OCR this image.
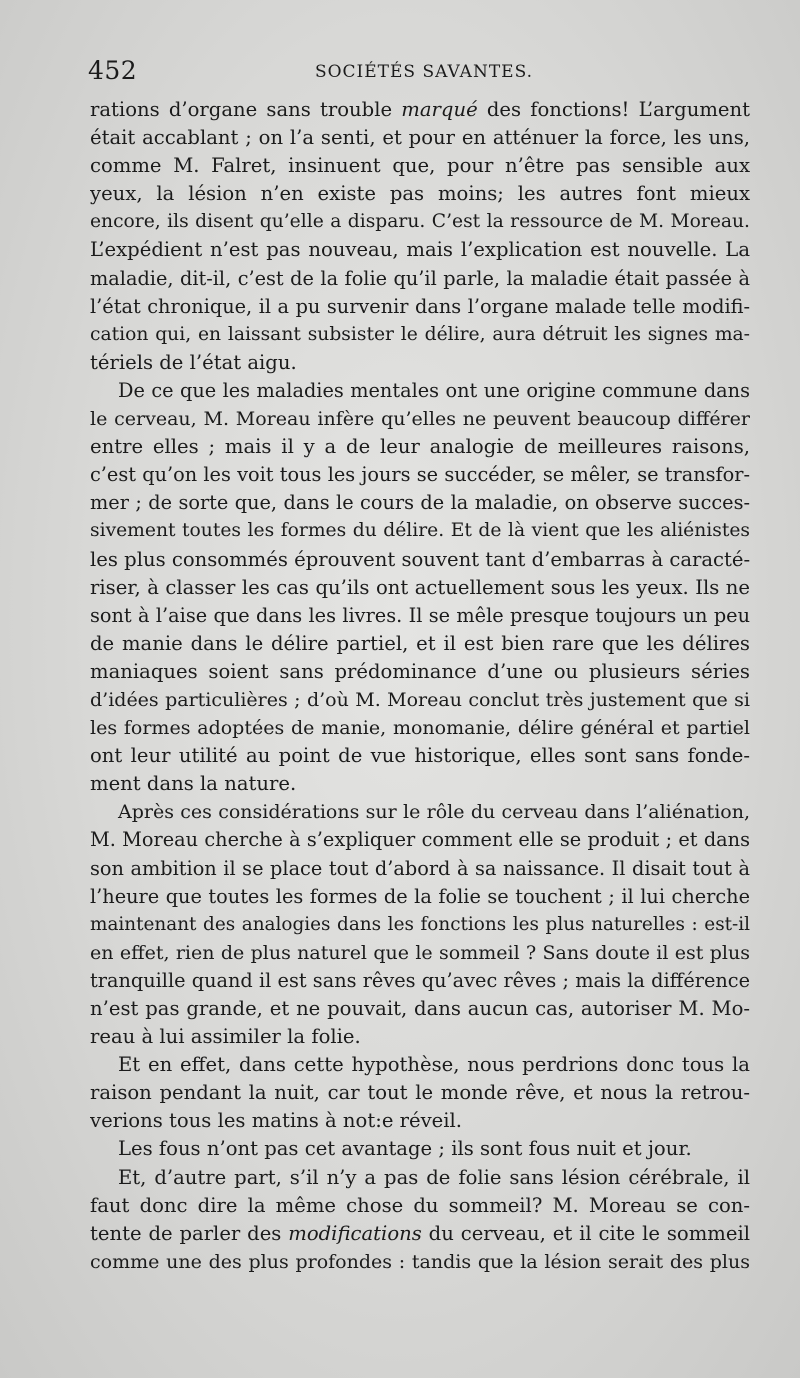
452	SOCIÉTÉS SAVANTES.
rations d’organe sans trouble marqué des fonctions! L’argument
était accablant ; on l’a senti, et pour en atténuer la force, les uns,
comme M. Falret, insinuent que, pour n’être pas sensible aux
yeux, la lésion n’en existe pas moins; les autres font mieux
encore, ils disent qu’elle a disparu. C’est la ressource de M. Moreau.
L’expédient n’est pas nouveau, mais l’explication est nouvelle. La
maladie, dit-il, c’est de la folie qu’il parle, la maladie était passée à
l’état chronique, il a pu survenir dans l’organe malade telle modifi-
cation qui, en laissant subsister le délire, aura détruit les signes ma-
tériels de l’état aigu.
De ce que les maladies mentales ont une origine commune dans
le cerveau, M. Moreau infère qu’elles ne peuvent beaucoup différer
entre elles ; mais il y a de leur analogie de meilleures raisons,
c’est qu’on les voit tous les jours se succéder, se mêler, se transfor-
mer ; de sorte que, dans le cours de la maladie, on observe succes-
sivement toutes les formes du délire. Et de là vient que les aliénistes
les plus consommés éprouvent souvent tant d’embarras à caracté-
riser, à classer les cas qu’ils ont actuellement sous les yeux. Ils ne
sont à l’aise que dans les livres. Il se mêle presque toujours un peu
de manie dans le délire partiel, et il est bien rare que les délires
maniaques soient sans prédominance d’une ou plusieurs séries
d’idées particulières ; d’où M. Moreau conclut très justement que si
les formes adoptées de manie, monomanie, délire général et partiel
ont leur utilité au point de vue historique, elles sont sans fonde-
ment dans la nature.
Après ces considérations sur le rôle du cerveau dans l’aliénation,
M. Moreau cherche à s’expliquer comment elle se produit ; et dans
son ambition il se place tout d’abord à sa naissance. Il disait tout à
l’heure que toutes les formes de la folie se touchent ; il lui cherche
maintenant des analogies dans les fonctions les plus naturelles : est-il
en effet, rien de plus naturel que le sommeil ? Sans doute il est plus
tranquille quand il est sans rêves qu’avec rêves ; mais la différence
n’est pas grande, et ne pouvait, dans aucun cas, autoriser M. Mo-
reau à lui assimiler la folie.
Et en effet, dans cette hypothèse, nous perdrions donc tous la
raison pendant la nuit, car tout le monde rêve, et nous la retrou-
verions tous les matins à not:e réveil.
Les fous n’ont pas cet avantage ; ils sont fous nuit et jour.
Et, d’autre part, s’il n’y a pas de folie sans lésion cérébrale, il
faut donc dire la même chose du sommeil? M. Moreau se con-
tente de parler des modifications du cerveau, et il cite le sommeil
comme une des plus profondes : tandis que la lésion serait des plus
